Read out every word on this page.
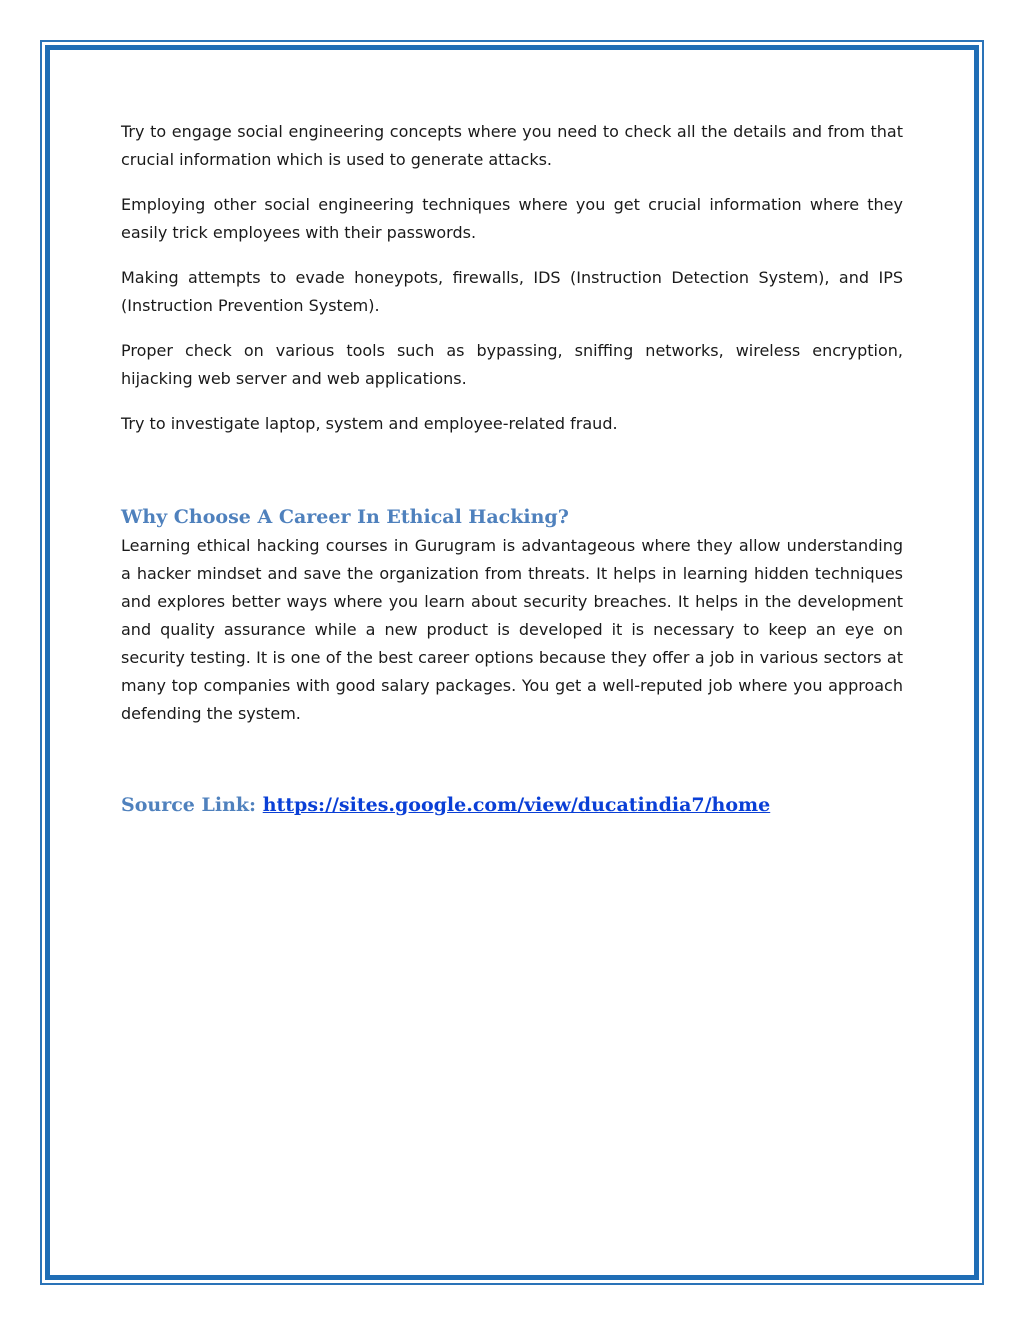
Try to engage social engineering concepts where you need to check all the details and from that crucial information which is used to generate attacks.

Employing other social engineering techniques where you get crucial information where they easily trick employees with their passwords.

Making attempts to evade honeypots, firewalls, IDS (Instruction Detection System), and IPS (Instruction Prevention System).

Proper check on various tools such as bypassing, sniffing networks, wireless encryption, hijacking web server and web applications.

Try to investigate laptop, system and employee-related fraud.

Why Choose A Career In Ethical Hacking?

Learning ethical hacking courses in Gurugram is advantageous where they allow understanding a hacker mindset and save the organization from threats. It helps in learning hidden techniques and explores better ways where you learn about security breaches. It helps in the development and quality assurance while a new product is developed it is necessary to keep an eye on security testing. It is one of the best career options because they offer a job in various sectors at many top companies with good salary packages. You get a well-reputed job where you approach defending the system.

Source Link: https://sites.google.com/view/ducatindia7/home
